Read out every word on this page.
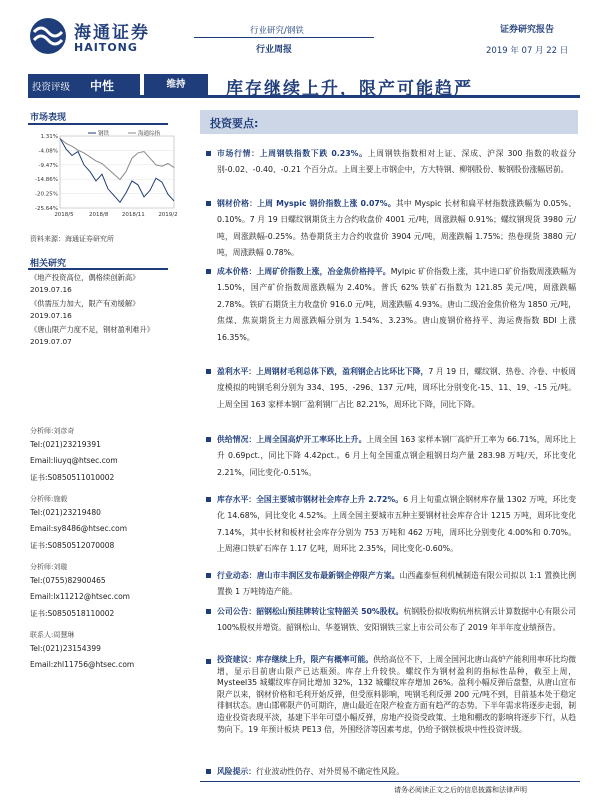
海通证券
HAITONG
行业研究/钢铁
行业周报
证券研究报告
2019 年 07 月 22 日
投资评级 中性	维持	库存继续上升，限产可能趋严
市场表现
1.31%
-4.08%
-9.47%
-14.86%
-20.25%
-25.64%
2018/5	2018/8 2018/11 2019/2
钢铁	海通综指
资料来源：海通证券研究所
相关研究
《地产投资高位，偶格续创新高》
2019.07.16
《供需压力加大，限产有劝缓解》
2019.07.16
《唐山限产力度不足，钢材盈利难升》
2019.07.07
分析师:刘彦奇
Tel:(021)23219391
Email:liuyq@htsec.com
证书:S0850511010002
分析师:施毅
Tel:(021)23219480
Email:sy8486@htsec.com
证书:S0850512070008
分析师:刘璇
Tel:(0755)82900465
Email:lx11212@htsec.com
证书:S0850518110002
联系人:周慧琳
Tel:(021)23154399
Email:zhl11756@htsec.com
投资要点:
市场行情：上周钢铁指数下跌 0.23%。上周钢铁指数相对上证、深成、沪深 300 指数的收益分别-0.02、-0.40、-0.21 个百分点。上周主要上市钢企中，方大特钢、柳钢股份、鞍钢股份涨幅居前。
钢材价格：上周 Myspic 钢价指数上涨 0.07%。其中 Myspic 长材和扁平材指数涨跌幅为 0.05%、0.10%。7 月 19 日螺纹钢期货主力合约收盘价 4001 元/吨，周涨跌幅 0.91%；螺纹钢现货 3980 元/吨，周涨跌幅-0.25%。热卷期货主力合约收盘价 3904 元/吨，周涨跌幅 1.75%；热卷现货 3880 元/吨，周涨跌幅 0.78%。
成本价格：上周矿价指数上涨，冶金焦价格持平。Mylpic 矿价指数上涨，其中进口矿价指数周涨跌幅为 1.50%，国产矿价指数周涨跌幅为 2.40%。普氏 62% 铁矿石指数为 121.85 美元/吨，周涨跌幅 2.78%。铁矿石期货主力收盘价 916.0 元/吨，周涨跌幅 4.93%。唐山二级冶金焦价格为 1850 元/吨，焦煤、焦炭期货主力周涨跌幅分别为 1.54%、3.23%。唐山废钢价格持平、海运费指数 BDI 上涨 16.35%。
盈利水平：上周钢材毛利总体下跌，盈利钢企占比环比下降，7 月 19 日，螺纹钢、热卷、冷卷、中板周度模拟的吨钢毛利分别为 334、195、-296、137 元/吨，周环比分别变化-15、11、19、-15 元/吨。上周全国 163 家样本钢厂盈利钢厂占比 82.21%，周环比下降，同比下降。
供给情况：上周全国高炉开工率环比上升。上周全国 163 家样本钢厂高炉开工率为 66.71%，周环比上升 0.69pct.，同比下降 4.42pct.。6 月上旬全国重点钢企粗钢日均产量 283.98 万吨/天，环比变化 2.21%，同比变化-0.51%。
库存水平：全国主要城市钢材社会库存上升 2.72%。6 月上旬重点钢企钢材库存量 1302 万吨，环比变化 14.68%，同比变化 4.52%。上周全国主要城市五种主要钢材社会库存合计 1215 万吨，周环比变化 7.14%，其中长材和板材社会库存分别为 753 万吨和 462 万吨，周环比分别变化 4.00%和 0.70%。上周港口铁矿石库存 1.17 亿吨，周环比 2.35%，同比变化-0.60%。
行业动态：唐山市丰润区发布最新钢企停限产方案。山西鑫泰恒利机械制造有限公司拟以 1:1 置换比例置换 1 万吨铸造产能。
公司公告：韶钢松山预挂牌转让宝特韶关 50%股权。杭钢股份拟收购杭州杭钢云计算数据中心有限公司 100%股权并增资。韶钢松山、华菱钢铁、安阳钢铁三家上市公司公布了 2019 年半年度业绩预告。
投资建议：库存继续上升，限产有概率可能。供给高位不下，上周全国河北唐山高炉产能利用率环比均微增，显示目前唐山限产已达瓶颈。库存上升较快。螺纹作为钢材盈利的指标性品种，截至上周，Mysteel35 城螺纹库存同比增加 32%，132 城螺纹库存增加 26%。盈利小幅反弹后盘整，从唐山宣布限产以来，钢材价格和毛利开始反弹，但受原料影响，吨钢毛利反弹 200 元/吨不到，目前基本处于稳定徘徊状态。唐山邯郸限产仍可期许，唐山最近在限产检查方面有趋严的态势。下半年需求将逐步走弱，制造业投资表现平淡，基建下半年可望小幅反弹，房地产投资受政策、土地和棚改的影响将逐步下行，从趋势向下。19 年预计板块 PE13 倍，外围经济等因素考虑，仍给予钢铁板块中性投资评级。
风险提示：行业波动性仍存、对外贸易不确定性风险。
请务必阅读正文之后的信息披露和法律声明
